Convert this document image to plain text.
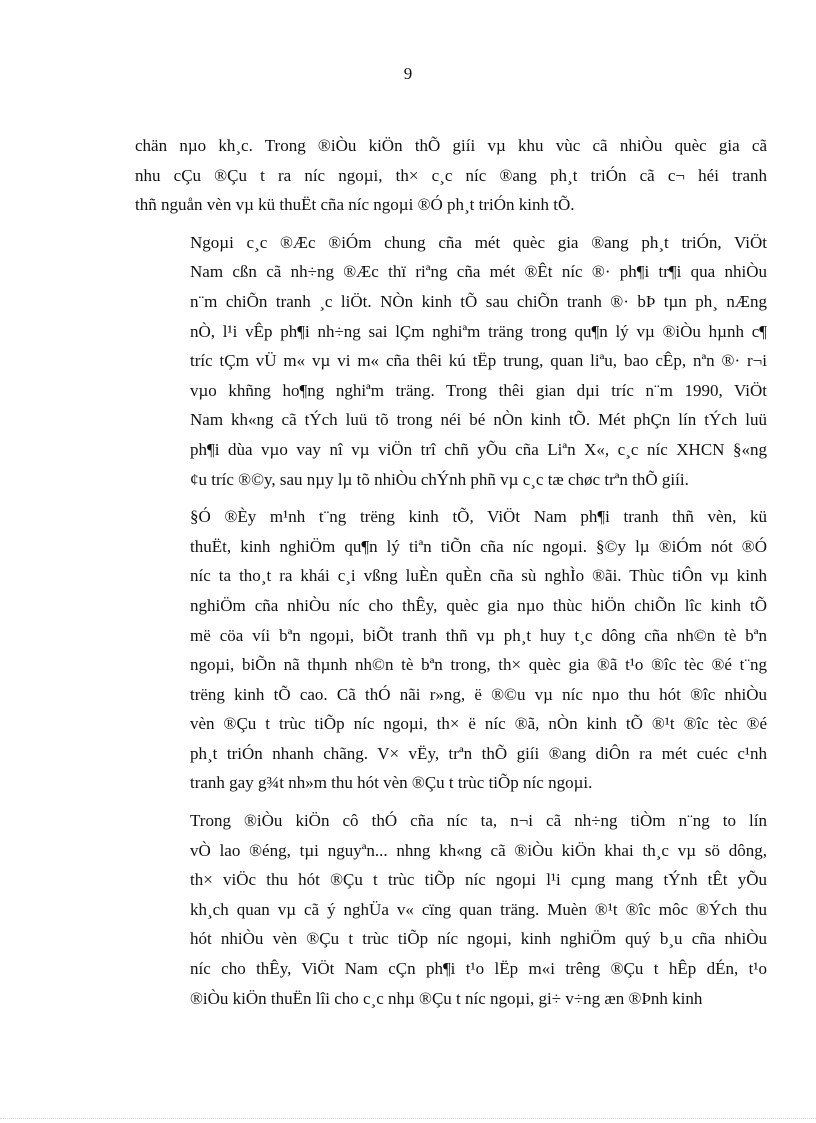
9

chän nµo kh¸c. Trong ®iÒu kiÖn thÕ giíi vµ khu vùc cã nhiÒu quèc gia cã
nhu cÇu ®Çu t ra níc ngoµi, th× c¸c níc ®ang ph¸t triÓn cã c¬ héi tranh
thñ nguån vèn vµ kü thuËt cña níc ngoµi ®Ó ph¸t triÓn kinh tÕ.

Ngoµi c¸c ®Æc ®iÓm chung cña mét quèc gia ®ang ph¸t triÓn, ViÖt
Nam cßn cã nh÷ng ®Æc thï riªng cña mét ®Êt níc ®· ph¶i tr¶i qua nhiÒu
n¨m chiÕn tranh ¸c liÖt. NÒn kinh tÕ sau chiÕn tranh ®· bÞ tµn ph¸ nÆng
nÒ, l¹i vÊp ph¶i nh÷ng sai lÇm nghiªm träng trong qu¶n lý vµ ®iÒu hµnh c¶
tríc tÇm vÜ m« vµ vi m« cña thêi kú tËp trung, quan liªu, bao cÊp, nªn ®· r¬i
vµo khñng ho¶ng nghiªm träng. Trong thêi gian dµi tríc n¨m 1990, ViÖt
Nam kh«ng cã tÝch luü tõ trong néi bé nÒn kinh tÕ. Mét phÇn lín tÝch luü
ph¶i dùa vµo vay nî vµ viÖn trî chñ yÕu cña Liªn X«, c¸c níc XHCN §«ng
¢u tríc ®©y, sau nµy lµ tõ nhiÒu chÝnh phñ vµ c¸c tæ chøc trªn thÕ giíi.

§Ó ®Èy m¹nh t¨ng trëng kinh tÕ, ViÖt Nam ph¶i tranh thñ vèn, kü
thuËt, kinh nghiÖm qu¶n lý tiªn tiÕn cña níc ngoµi. §©y lµ ®iÓm nót ®Ó
níc ta tho¸t ra khái c¸i vßng luÈn quÈn cña sù nghÌo ®ãi. Thùc tiÔn vµ kinh
nghiÖm cña nhiÒu níc cho thÊy, quèc gia nµo thùc hiÖn chiÕn lîc kinh tÕ
më cöa víi bªn ngoµi, biÕt tranh thñ vµ ph¸t huy t¸c dông cña nh©n tè bªn
ngoµi, biÕn nã thµnh nh©n tè bªn trong, th× quèc gia ®ã t¹o ®îc tèc ®é t¨ng
trëng kinh tÕ cao. Cã thÓ nãi r»ng, ë ®©u vµ níc nµo thu hót ®îc nhiÒu
vèn ®Çu t trùc tiÕp níc ngoµi, th× ë níc ®ã, nÒn kinh tÕ ®¹t ®îc tèc ®é
ph¸t triÓn nhanh chãng. V× vËy, trªn thÕ giíi ®ang diÔn ra mét cuéc c¹nh
tranh gay g¾t nh»m thu hót vèn ®Çu t trùc tiÕp níc ngoµi.

Trong ®iÒu kiÖn cô thÓ cña níc ta, n¬i cã nh÷ng tiÒm n¨ng to lín
vÒ lao ®éng, tµi nguyªn... nhng kh«ng cã ®iÒu kiÖn khai th¸c vµ sö dông,
th× viÖc thu hót ®Çu t trùc tiÕp níc ngoµi l¹i cµng mang tÝnh tÊt yÕu
kh¸ch quan vµ cã ý nghÜa v« cïng quan träng. Muèn ®¹t ®îc môc ®Ých thu
hót nhiÒu vèn ®Çu t trùc tiÕp níc ngoµi, kinh nghiÖm quý b¸u cña nhiÒu
níc cho thÊy, ViÖt Nam cÇn ph¶i t¹o lËp m«i trêng ®Çu t hÊp dÉn, t¹o
®iÒu kiÖn thuËn lîi cho c¸c nhµ ®Çu t níc ngoµi, gi÷ v÷ng æn ®Þnh kinh
